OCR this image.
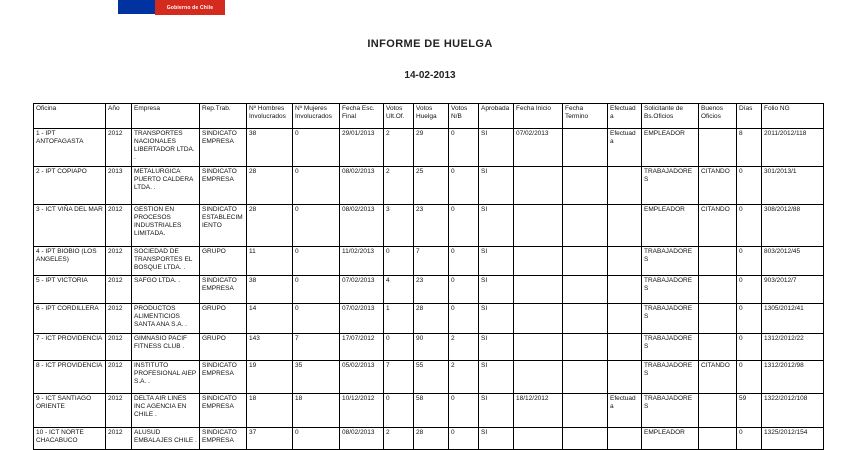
Gobierno de Chile
INFORME DE HUELGA
14-02-2013
Oficina	Año	Empresa	Rep.Trab.	Nº Hombres Involucrados	Nº Mujeres Involucrados	Fecha Esc. Final	Votos Ult.Of.	Votos Huelga	Votos N/B	Aprobada	Fecha Inicio	Fecha Termino	Efectuada	Solicitante de Bs.Oficios	Buenos Oficios	Días	Folio NG
1 - IPT ANTOFAGASTA	2012	TRANSPORTES NACIONALES LIBERTADOR LTDA. .	SINDICATO EMPRESA	38	0	29/01/2013	2	29	0	SI	07/02/2013		Efectuada	EMPLEADOR		8	2011/2012/118
2 - IPT COPIAPO	2013	METALURGICA PUERTO CALDERA LTDA. .	SINDICATO EMPRESA	28	0	08/02/2013	2	25	0	SI				TRABAJADORES	CITANDO	0	301/2013/1
3 - ICT VIÑA DEL MAR	2012	GESTION EN PROCESOS INDUSTRIALES LIMITADA.	SINDICATO ESTABLECIMIENTO	28	0	08/02/2013	3	23	0	SI				EMPLEADOR	CITANDO	0	308/2012/88
4 - IPT BIOBIO (LOS ANGELES)	2012	SOCIEDAD DE TRANSPORTES EL BOSQUE LTDA. .	GRUPO	11	0	11/02/2013	0	7	0	SI				TRABAJADORES		0	803/2012/45
5 - IPT VICTORIA	2012	SAFGO LTDA. .	SINDICATO EMPRESA	38	0	07/02/2013	4	23	0	SI				TRABAJADORES		0	903/2012/7
6 - IPT CORDILLERA	2012	PRODUCTOS ALIMENTICIOS SANTA ANA S.A. .	GRUPO	14	0	07/02/2013	1	28	0	SI				TRABAJADORES		0	1305/2012/41
7 - ICT PROVIDENCIA	2012	GIMNASIO PACIF FITNESS CLUB .	GRUPO	143	7	17/07/2012	0	90	2	SI				TRABAJADORES		0	1312/2012/22
8 - ICT PROVIDENCIA	2012	INSTITUTO PROFESIONAL AIEP S.A. .	SINDICATO EMPRESA	19	35	05/02/2013	7	55	2	SI				TRABAJADORES	CITANDO	0	1312/2012/98
9 - ICT SANTIAGO ORIENTE	2012	DELTA AIR LINES INC AGENCIA EN CHILE .	SINDICATO EMPRESA	18	18	10/12/2012	0	58	0	SI	18/12/2012		Efectuada	TRABAJADORES		59	1322/2012/108
10 - ICT NORTE CHACABUCO	2012	ALUSUD EMBALAJES CHILE .	SINDICATO EMPRESA	37	0	08/02/2013	2	28	0	SI				EMPLEADOR		0	1325/2012/154
